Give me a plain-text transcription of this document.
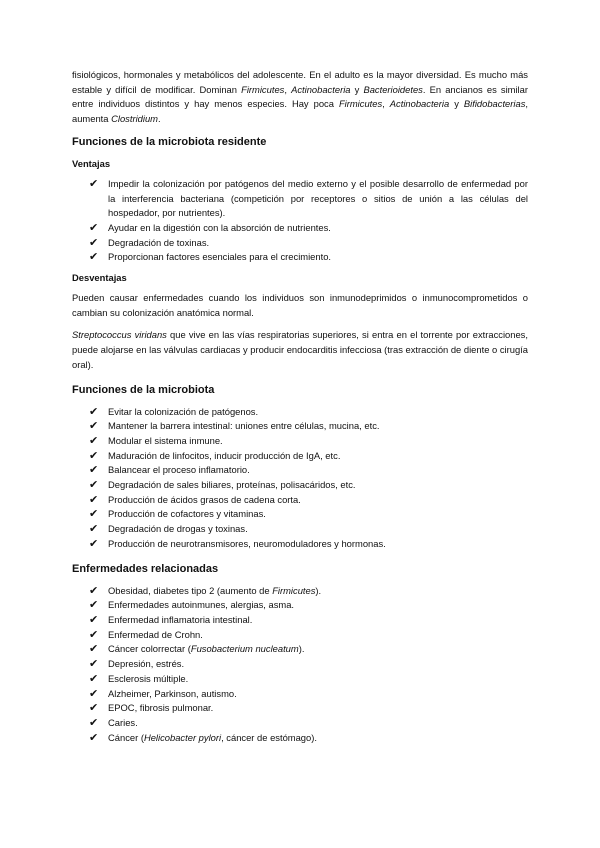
fisiológicos, hormonales y metabólicos del adolescente. En el adulto es la mayor diversidad. Es mucho más estable y difícil de modificar. Dominan Firmicutes, Actinobacteria y Bacterioidetes. En ancianos es similar entre individuos distintos y hay menos especies. Hay poca Firmicutes, Actinobacteria y Bifidobacterias, aumenta Clostridium.

Funciones de la microbiota residente
Ventajas
✔ Impedir la colonización por patógenos del medio externo y el posible desarrollo de enfermedad por la interferencia bacteriana (competición por receptores o sitios de unión a las células del hospedador, por nutrientes).
✔ Ayudar en la digestión con la absorción de nutrientes.
✔ Degradación de toxinas.
✔ Proporcionan factores esenciales para el crecimiento.
Desventajas

Pueden causar enfermedades cuando los individuos son inmunodeprimidos o inmunocomprometidos o cambian su colonización anatómica normal.

Streptococcus viridans que vive en las vías respiratorias superiores, si entra en el torrente por extracciones, puede alojarse en las válvulas cardiacas y producir endocarditis infecciosa (tras extracción de diente o cirugía oral).

Funciones de la microbiota
✔ Evitar la colonización de patógenos.
✔ Mantener la barrera intestinal: uniones entre células, mucina, etc.
✔ Modular el sistema inmune.
✔ Maduración de linfocitos, inducir producción de IgA, etc.
✔ Balancear el proceso inflamatorio.
✔ Degradación de sales biliares, proteínas, polisacáridos, etc.
✔ Producción de ácidos grasos de cadena corta.
✔ Producción de cofactores y vitaminas.
✔ Degradación de drogas y toxinas.
✔ Producción de neurotransmisores, neuromoduladores y hormonas.
Enfermedades relacionadas
✔ Obesidad, diabetes tipo 2 (aumento de Firmicutes).
✔ Enfermedades autoinmunes, alergias, asma.
✔ Enfermedad inflamatoria intestinal.
✔ Enfermedad de Crohn.
✔ Cáncer colorrectar (Fusobacterium nucleatum).
✔ Depresión, estrés.
✔ Esclerosis múltiple.
✔ Alzheimer, Parkinson, autismo.
✔ EPOC, fibrosis pulmonar.
✔ Caries.
✔ Cáncer (Helicobacter pylori, cáncer de estómago).
